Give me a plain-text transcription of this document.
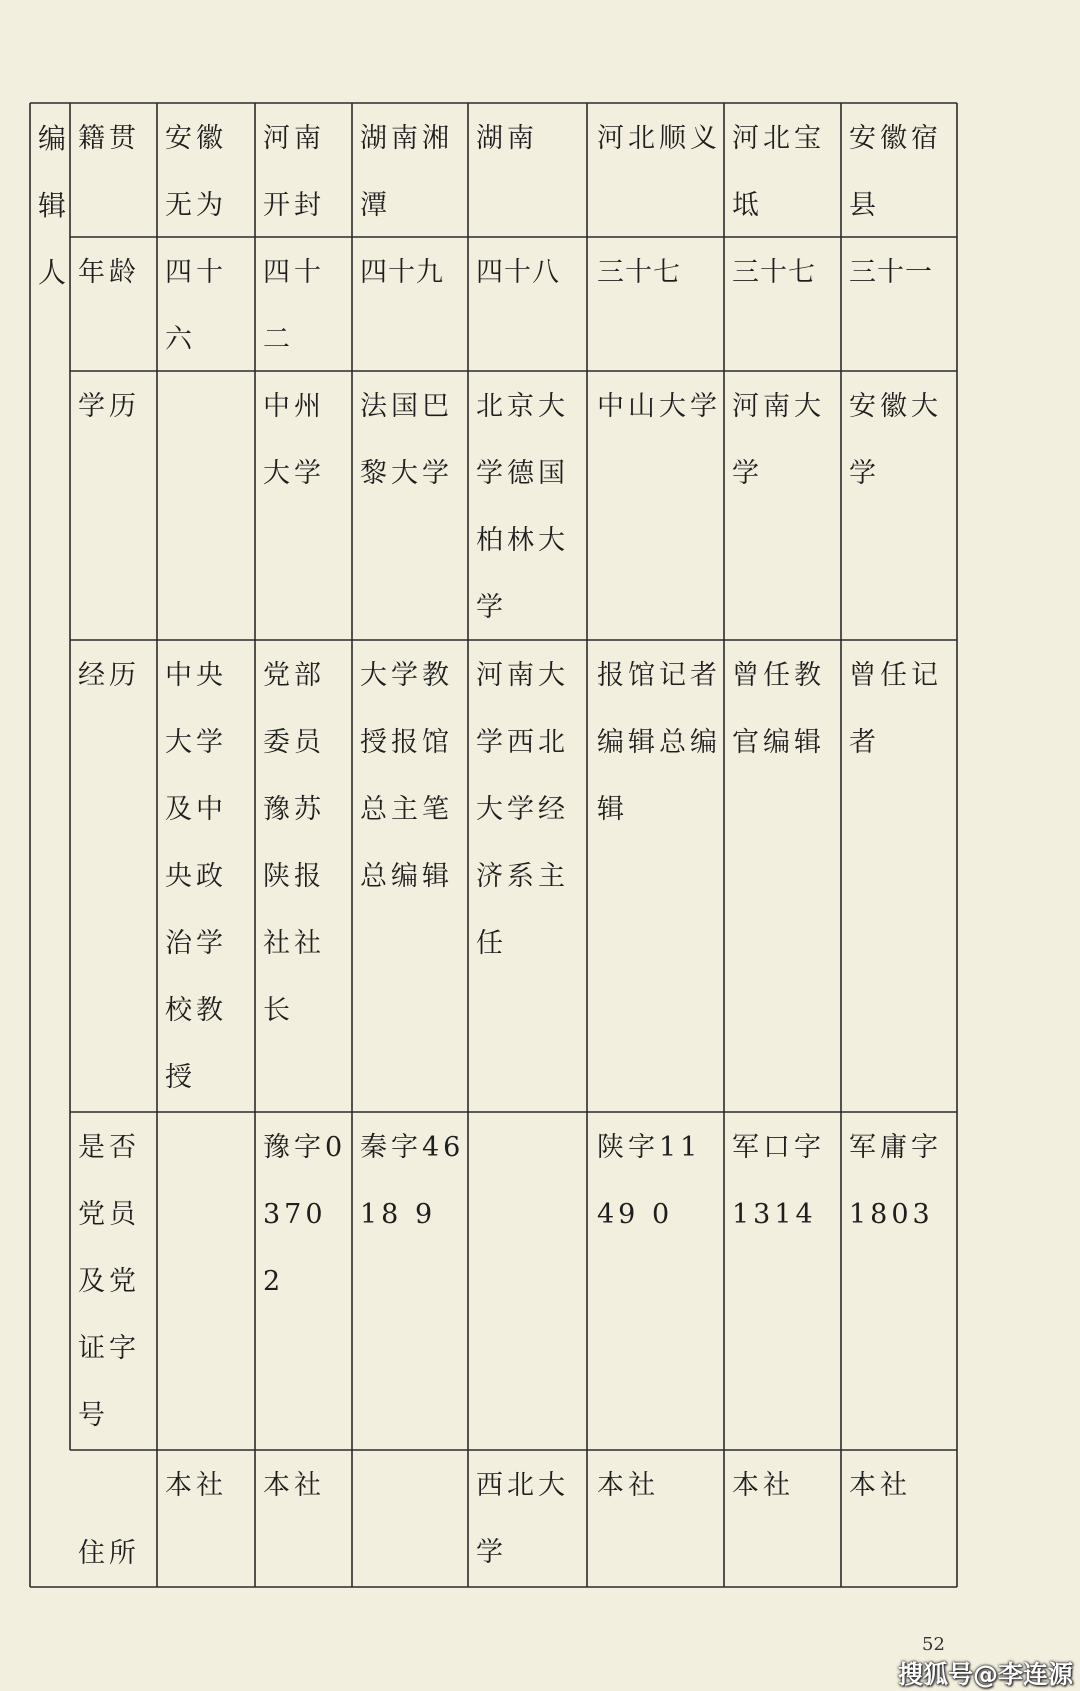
编辑人
籍贯
年龄
学历
经历
是否党员及党证字号
住所
安徽无为
四十六
中央大学及中央政治学校教授
本社
河南开封
四十二
中州大学
党部委员豫苏陕报社社长
豫字0370 2
本社
湖南湘潭
四十九
法国巴黎大学
大学教授报馆总主笔总编辑
秦字4618 9
湖南
四十八
北京大学德国柏林大学
河南大学西北大学经济系主任
西北大学
河北顺义
三十七
中山大学
报馆记者编辑总编辑
陕字1149 0
本社
河北宝坻
三十七
河南大学
曾任教官编辑
军口字1314
本社
安徽宿县
三十一
安徽大学
曾任记者
军庸字1803
本社
52
搜狐号@李连源
